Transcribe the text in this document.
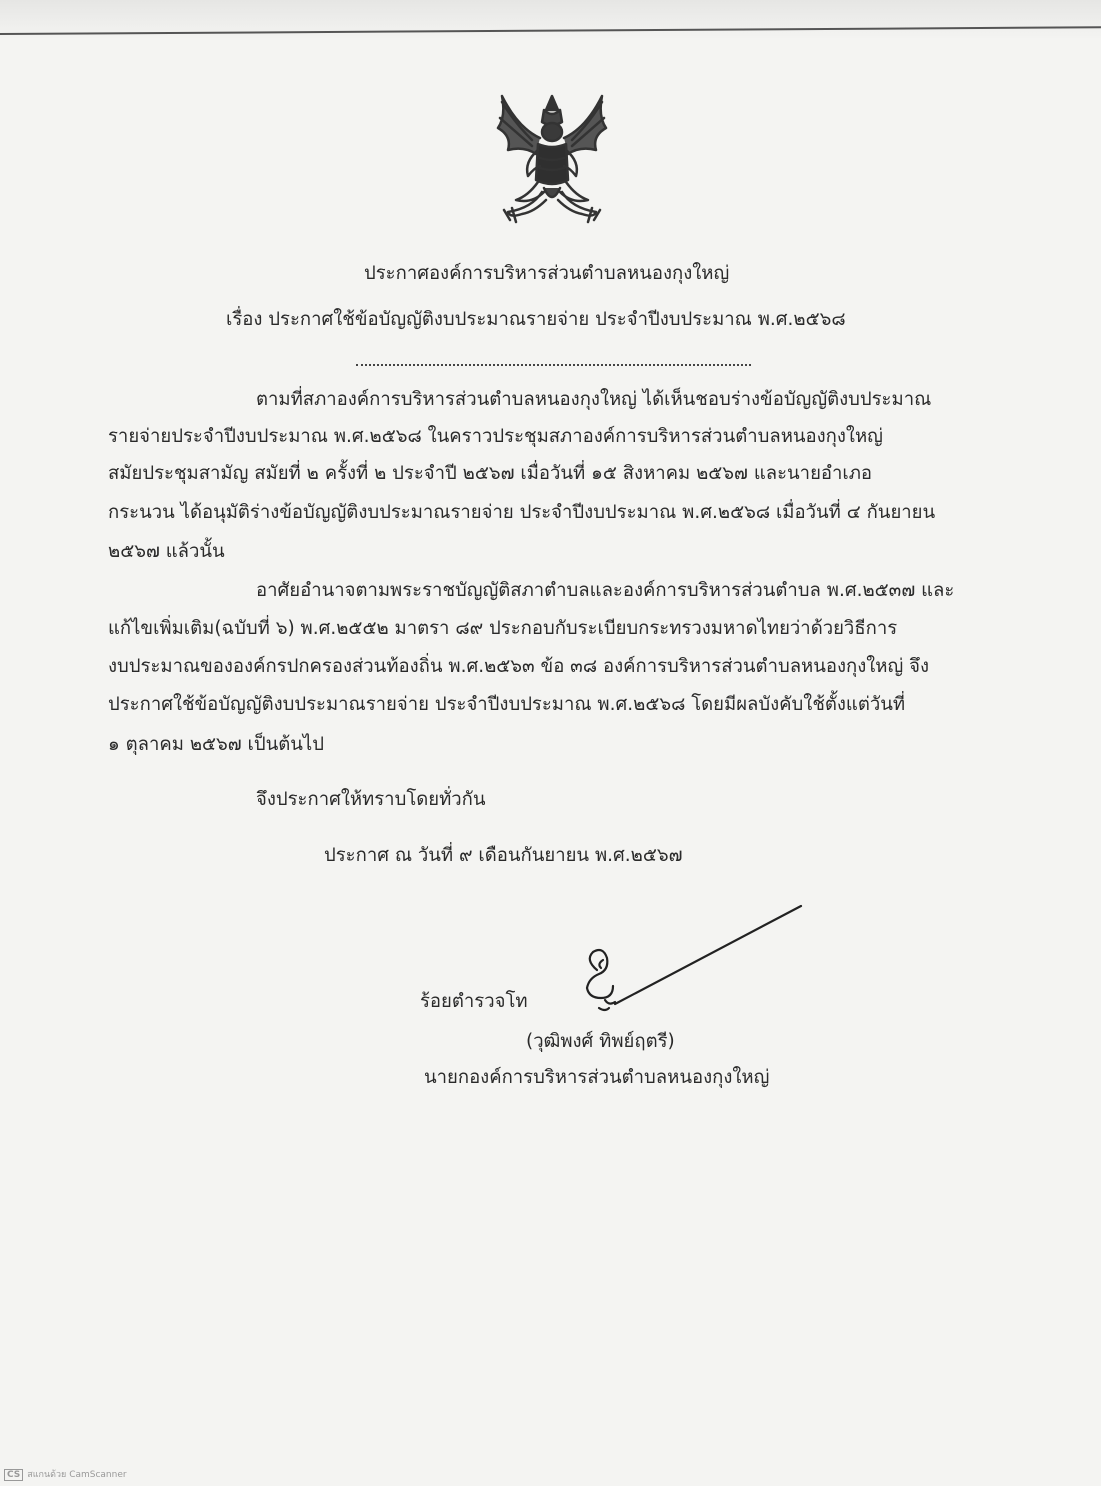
ประกาศองค์การบริหารส่วนตำบลหนองกุงใหญ่
เรื่อง ประกาศใช้ข้อบัญญัติงบประมาณรายจ่าย ประจำปีงบประมาณ พ.ศ.๒๕๖๘
ตามที่สภาองค์การบริหารส่วนตำบลหนองกุงใหญ่ ได้เห็นชอบร่างข้อบัญญัติงบประมาณ
รายจ่ายประจำปีงบประมาณ พ.ศ.๒๕๖๘ ในคราวประชุมสภาองค์การบริหารส่วนตำบลหนองกุงใหญ่
สมัยประชุมสามัญ สมัยที่ ๒ ครั้งที่ ๒ ประจำปี ๒๕๖๗ เมื่อวันที่ ๑๕ สิงหาคม ๒๕๖๗ และนายอำเภอ
กระนวน ได้อนุมัติร่างข้อบัญญัติงบประมาณรายจ่าย ประจำปีงบประมาณ พ.ศ.๒๕๖๘ เมื่อวันที่ ๔ กันยายน
๒๕๖๗ แล้วนั้น
อาศัยอำนาจตามพระราชบัญญัติสภาตำบลและองค์การบริหารส่วนตำบล พ.ศ.๒๕๓๗ และ
แก้ไขเพิ่มเติม(ฉบับที่ ๖) พ.ศ.๒๕๕๒ มาตรา ๘๙ ประกอบกับระเบียบกระทรวงมหาดไทยว่าด้วยวิธีการ
งบประมาณขององค์กรปกครองส่วนท้องถิ่น พ.ศ.๒๕๖๓ ข้อ ๓๘ องค์การบริหารส่วนตำบลหนองกุงใหญ่ จึง
ประกาศใช้ข้อบัญญัติงบประมาณรายจ่าย ประจำปีงบประมาณ พ.ศ.๒๕๖๘ โดยมีผลบังคับใช้ตั้งแต่วันที่
๑ ตุลาคม ๒๕๖๗ เป็นต้นไป
จึงประกาศให้ทราบโดยทั่วกัน
ประกาศ ณ วันที่ ๙ เดือนกันยายน พ.ศ.๒๕๖๗
ร้อยตำรวจโท
(วุฒิพงศ์ ทิพย์ฤตรี)
นายกองค์การบริหารส่วนตำบลหนองกุงใหญ่
CS สแกนด้วย CamScanner
